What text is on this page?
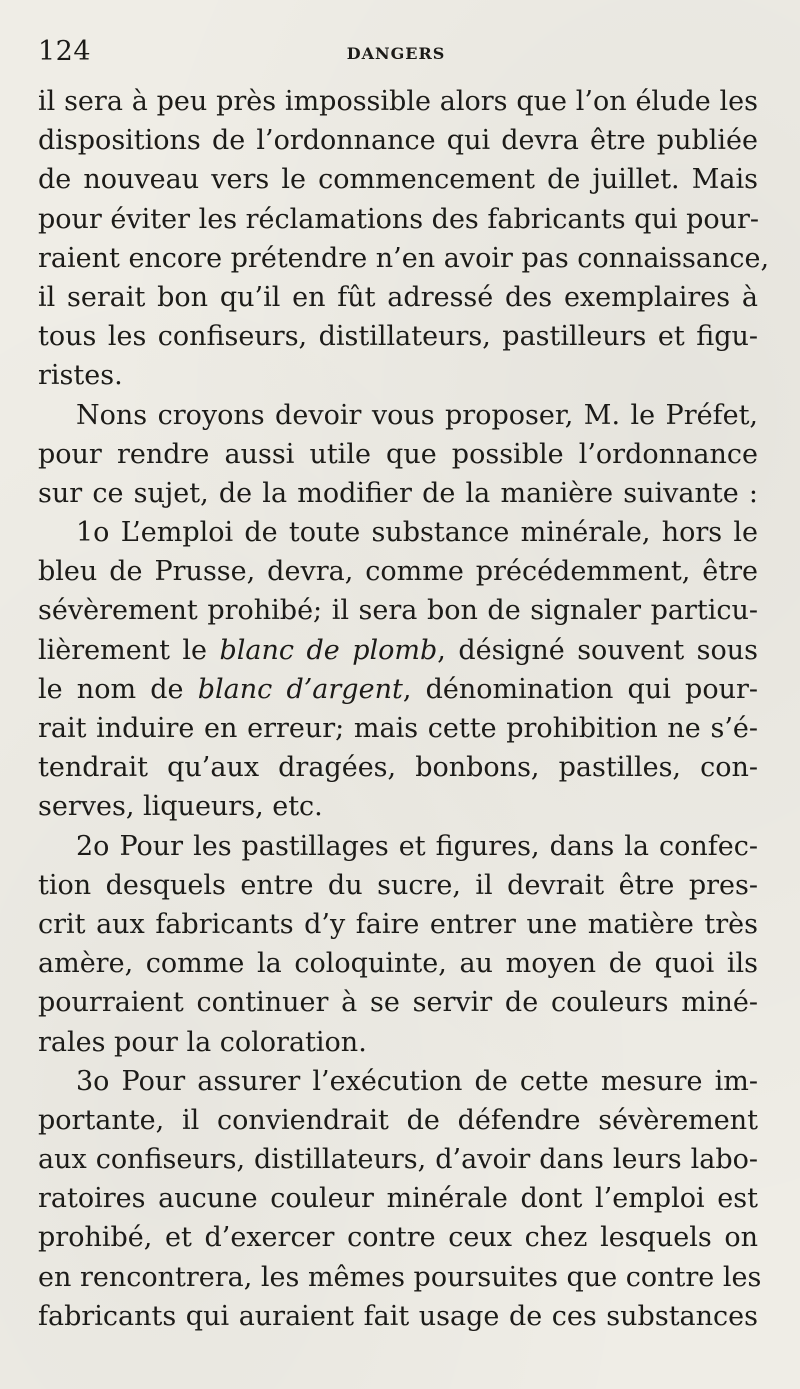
124	DANGERS
il sera à peu près impossible alors que l’on élude les
dispositions de l’ordonnance qui devra être publiée
de nouveau vers le commencement de juillet. Mais
pour éviter les réclamations des fabricants qui pour-
raient encore prétendre n’en avoir pas connaissance,
il serait bon qu’il en fût adressé des exemplaires à
tous les confiseurs, distillateurs, pastilleurs et figu-
ristes.
Nons croyons devoir vous proposer, M. le Préfet,
pour rendre aussi utile que possible l’ordonnance
sur ce sujet, de la modifier de la manière suivante :
1o L’emploi de toute substance minérale, hors le
bleu de Prusse, devra, comme précédemment, être
sévèrement prohibé; il sera bon de signaler particu-
lièrement le blanc de plomb, désigné souvent sous
le nom de blanc d’argent, dénomination qui pour-
rait induire en erreur; mais cette prohibition ne s’é-
tendrait qu’aux dragées, bonbons, pastilles, con-
serves, liqueurs, etc.
2o Pour les pastillages et figures, dans la confec-
tion desquels entre du sucre, il devrait être pres-
crit aux fabricants d’y faire entrer une matière très
amère, comme la coloquinte, au moyen de quoi ils
pourraient continuer à se servir de couleurs miné-
rales pour la coloration.
3o Pour assurer l’exécution de cette mesure im-
portante, il conviendrait de défendre sévèrement
aux confiseurs, distillateurs, d’avoir dans leurs labo-
ratoires aucune couleur minérale dont l’emploi est
prohibé, et d’exercer contre ceux chez lesquels on
en rencontrera, les mêmes poursuites que contre les
fabricants qui auraient fait usage de ces substances
